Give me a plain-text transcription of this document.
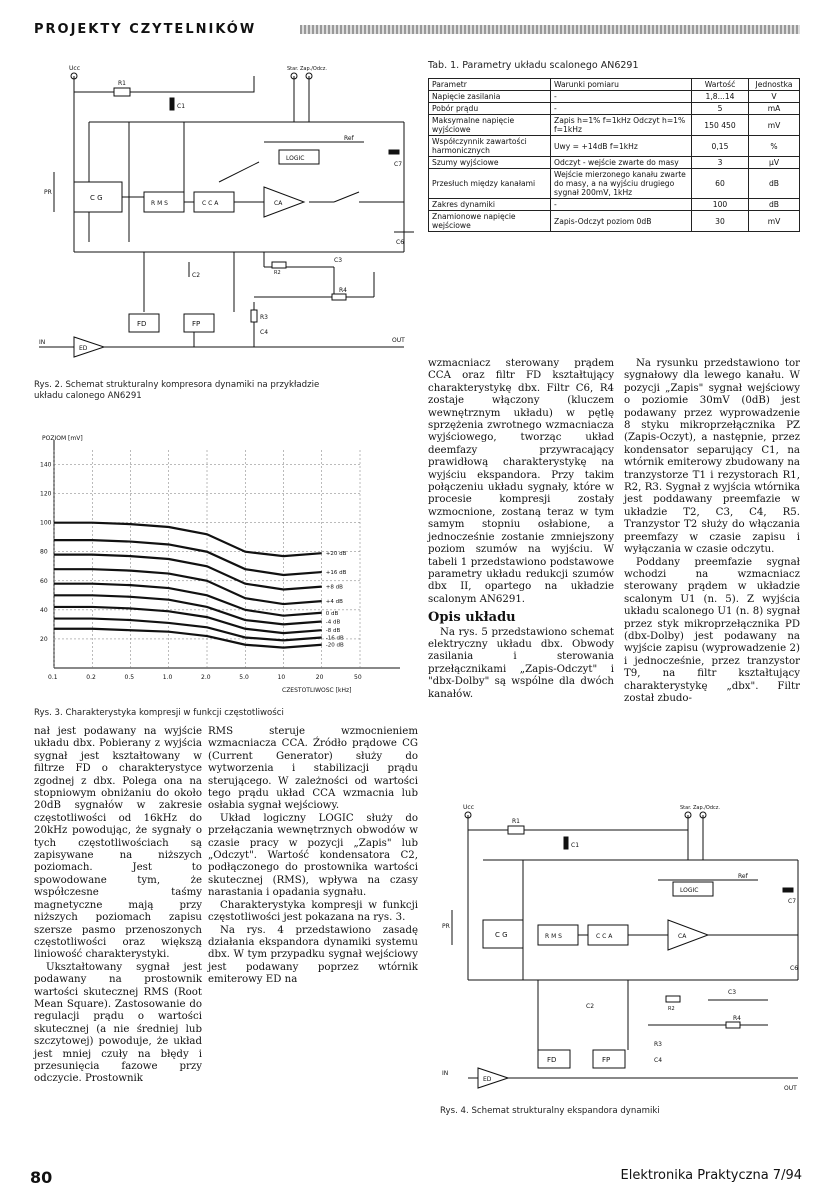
PROJEKTY CZYTELNIKÓW
Ucc	Star. Zap./Odcz.
R1
C1
LOGIC
Ref
C7
C G
R M S	C C A	CA
PR
C6
C2	R2
C3
R4
R3
C4
FD	FP
ED
IN	OUT
Rys. 2. Schemat strukturalny kompresora dynamiki na przykładzie układu calonego AN6291
POZIOM [mV]
CZESTOTLIWOSC [kHz]
+20 dB
+16 dB
+8 dB
+4 dB
0 dB
-4 dB
-8 dB
-16 dB
-20 dB
20
40
60
80
100
120
140
0.1	0.2	0.5	1.0	2.0	5.0	10	20	50
Rys. 3. Charakterystyka kompresji w funkcji częstotliwości

nał jest podawany na wyjście układu dbx. Pobierany z wyjścia sygnał jest kształtowany w filtrze FD o charakterystyce zgodnej z dbx. Polega ona na stopniowym obniżaniu do około 20dB sygnałów w zakresie częstotliwości od 16kHz do 20kHz powodując, że sygnały o tych częstotliwościach są zapisywane na niższych poziomach. Jest to spowodowane tym, że współczesne taśmy magnetyczne mają przy niższych poziomach zapisu szersze pasmo przenoszonych częstotliwości oraz większą liniowość charakterystyki.

Ukształtowany sygnał jest podawany na prostownik wartości skutecznej RMS (Root Mean Square). Zastosowanie do regulacji prądu o wartości skutecznej (a nie średniej lub szczytowej) powoduje, że układ jest mniej czuły na błędy i przesunięcia fazowe przy odczycie. Prostownik

RMS steruje wzmocnieniem wzmacniacza CCA. Źródło prądowe CG (Current Generator) służy do wytworzenia i stabilizacji prądu sterującego. W zależności od wartości tego prądu układ CCA wzmacnia lub osłabia sygnał wejściowy.

Układ logiczny LOGIC służy do przełączania wewnętrznych obwodów w czasie pracy w pozycji „Zapis" lub „Odczyt". Wartość kondensatora C2, podłączonego do prostownika wartości skutecznej (RMS), wpływa na czasy narastania i opadania sygnału.

Charakterystyka kompresji w funkcji częstotliwości jest pokazana na rys. 3.

Na rys. 4 przedstawiono zasadę działania ekspandora dynamiki systemu dbx. W tym przypadku sygnał wejściowy jest podawany poprzez wtórnik emiterowy ED na

Tab. 1. Parametry układu scalonego AN6291
Parametr	Warunki pomiaru	Wartość	Jednostka
Napięcie zasilania	-	1,8...14	V
Pobór prądu	-	5	mA
Maksymalne napięcie wyjściowe	Zapis h=1% f=1kHz Odczyt h=1% f=1kHz	150 450	mV
Współczynnik zawartości harmonicznych	Uwy = +14dB f=1kHz	0,15	%
Szumy wyjściowe	Odczyt - wejście zwarte do masy	3	μV
Przesłuch między kanałami	Wejście mierzonego kanału zwarte do masy, a na wyjściu drugiego sygnał 200mV, 1kHz	60	dB
Zakres dynamiki	-	100	dB
Znamionowe napięcie wejściowe	Zapis-Odczyt poziom 0dB	30	mV

wzmacniacz sterowany prądem CCA oraz filtr FD kształtujący charakterystykę dbx. Filtr C6, R4 zostaje włączony (kluczem wewnętrznym układu) w pętlę sprzężenia zwrotnego wzmacniacza wyjściowego, tworząc układ deemfazy przywracający prawidłową charakterystykę na wyjściu ekspandora. Przy takim połączeniu układu sygnały, które w procesie kompresji zostały wzmocnione, zostaną teraz w tym samym stopniu osłabione, a jednocześnie zostanie zmniejszony poziom szumów na wyjściu. W tabeli 1 przedstawiono podstawowe parametry układu redukcji szumów dbx II, opartego na układzie scalonym AN6291.

Opis układu

Na rys. 5 przedstawiono schemat elektryczny układu dbx. Obwody zasilania i sterowania przełącznikami „Zapis-Odczyt" i "dbx-Dolby" są wspólne dla dwóch kanałów.

Na rysunku przedstawiono tor sygnałowy dla lewego kanału. W pozycji „Zapis" sygnał wejściowy o poziomie 30mV (0dB) jest podawany przez wyprowadzenie 8 styku mikroprzełącznika PZ (Zapis-Oczyt), a następnie, przez kondensator separujący C1, na wtórnik emiterowy zbudowany na tranzystorze T1 i rezystorach R1, R2, R3. Sygnał z wyjścia wtórnika jest poddawany preemfazie w układzie T2, C3, C4, R5. Tranzystor T2 służy do włączania preemfazy w czasie zapisu i wyłączania w czasie odczytu.

Poddany preemfazie sygnał wchodzi na wzmacniacz sterowany prądem w układzie scalonym U1 (n. 5). Z wyjścia układu scalonego U1 (n. 8) sygnał przez styk mikroprzełącznika PD (dbx-Dolby) jest podawany na wyjście zapisu (wyprowadzenie 2) i jednocześnie, przez tranzystor T9, na filtr kształtujący charakterystykę „dbx". Filtr został zbudo-

Ucc	Star. Zap./Odcz.
R1
C1
LOGIC
Ref
C7
C G	R M S	C C A	CA
PR
C6
C2	R2
C3
R4
R3
C4
FD	FP
ED
IN
OUT
Rys. 4. Schemat strukturalny ekspandora dynamiki
80	Elektronika Praktyczna 7/94
